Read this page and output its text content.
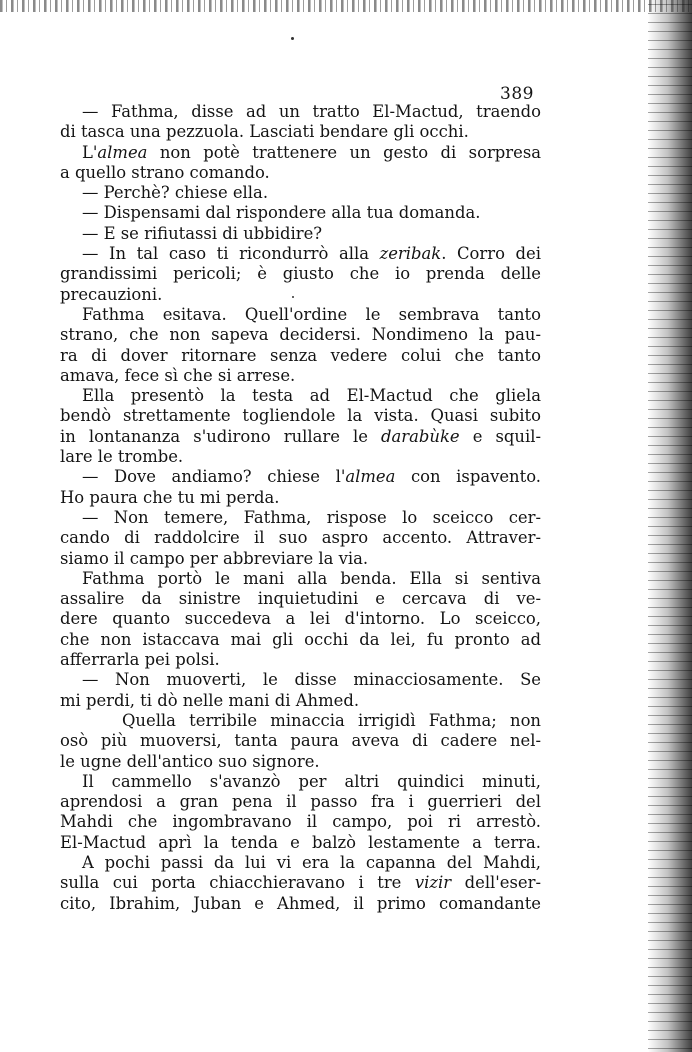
389
— Fathma, disse ad un tratto El-Mactud, traendo
di tasca una pezzuola. Lasciati bendare gli occhi.
L'almea non potè trattenere un gesto di sorpresa
a quello strano comando.
— Perchè? chiese ella.
— Dispensami dal rispondere alla tua domanda.
— E se rifiutassi di ubbidire?
— In tal caso ti ricondurrò alla zeribak. Corro dei
grandissimi pericoli; è giusto che io prenda delle
precauzioni.
Fathma esitava. Quell'ordine le sembrava tanto
strano, che non sapeva decidersi. Nondimeno la pau-
ra di dover ritornare senza vedere colui che tanto
amava, fece sì che si arrese.
Ella presentò la testa ad El-Mactud che gliela
bendò strettamente togliendole la vista. Quasi subito
in lontananza s'udirono rullare le darabùke e squil-
lare le trombe.
— Dove andiamo? chiese l'almea con ispavento.
Ho paura che tu mi perda.
— Non temere, Fathma, rispose lo sceicco cer-
cando di raddolcire il suo aspro accento. Attraver-
siamo il campo per abbreviare la via.
Fathma portò le mani alla benda. Ella si sentiva
assalire da sinistre inquietudini e cercava di ve-
dere quanto succedeva a lei d'intorno. Lo sceicco,
che non istaccava mai gli occhi da lei, fu pronto ad
afferrarla pei polsi.
— Non muoverti, le disse minacciosamente. Se
mi perdi, ti dò nelle mani di Ahmed.
Quella terribile minaccia irrigidì Fathma; non
osò più muoversi, tanta paura aveva di cadere nel-
le ugne dell'antico suo signore.
Il cammello s'avanzò per altri quindici minuti,
aprendosi a gran pena il passo fra i guerrieri del
Mahdi che ingombravano il campo, poi ri arrestò.
El-Mactud aprì la tenda e balzò lestamente a terra.
A pochi passi da lui vi era la capanna del Mahdi,
sulla cui porta chiacchieravano i tre vizir dell'eser-
cito, Ibrahim, Juban e Ahmed, il primo comandante
